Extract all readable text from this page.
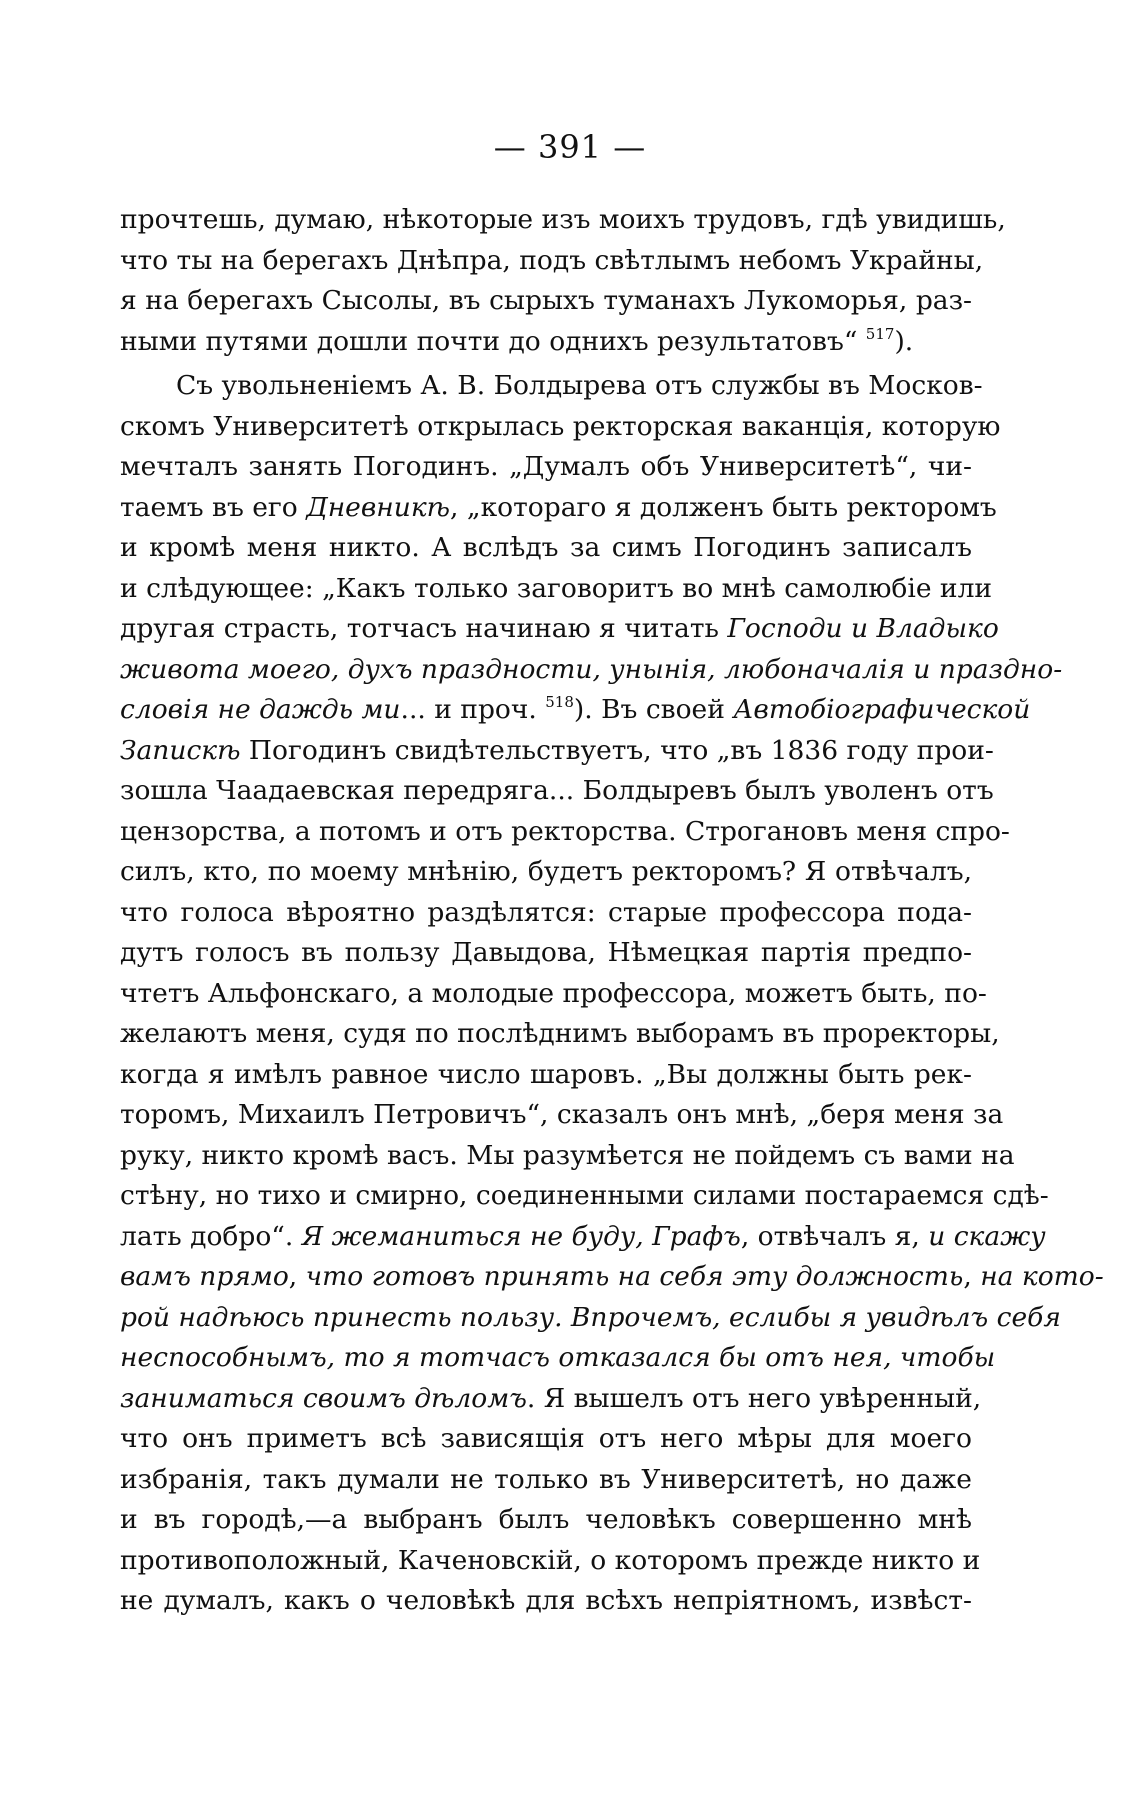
— 391 —
прочтешь, думаю, нѣкоторые изъ моихъ трудовъ, гдѣ увидишь,
что ты на берегахъ Днѣпра, подъ свѣтлымъ небомъ Украйны,
я на берегахъ Сысолы, въ сырыхъ туманахъ Лукоморья, раз-
ными путями дошли почти до однихъ результатовъ“ $^{517}$).
Съ увольненіемъ А. В. Болдырева отъ службы въ Москов-
скомъ Университетѣ открылась ректорская ваканція, которую
мечталъ занять Погодинъ. „Думалъ объ Университетѣ“, чи-
таемъ въ его Дневникѣ, „котораго я долженъ быть ректоромъ
и кромѣ меня никто. А вслѣдъ за симъ Погодинъ записалъ
и слѣдующее: „Какъ только заговоритъ во мнѣ самолюбіе или
другая страсть, тотчасъ начинаю я читать Господи и Владыко
живота моего, духъ праздности, унынія, любоначалія и праздно-
словія не даждь ми... и проч. $^{518}$). Въ своей Автобіографической
Запискѣ Погодинъ свидѣтельствуетъ, что „въ 1836 году прои-
зошла Чаадаевская передряга... Болдыревъ былъ уволенъ отъ
цензорства, а потомъ и отъ ректорства. Строгановъ меня спро-
силъ, кто, по моему мнѣнію, будетъ ректоромъ? Я отвѣчалъ,
что голоса вѣроятно раздѣлятся: старые профессора пода-
дутъ голосъ въ пользу Давыдова, Нѣмецкая партія предпо-
чтетъ Альфонскаго, а молодые профессора, можетъ быть, по-
желаютъ меня, судя по послѣднимъ выборамъ въ проректоры,
когда я имѣлъ равное число шаровъ. „Вы должны быть рек-
торомъ, Михаилъ Петровичъ“, сказалъ онъ мнѣ, „беря меня за
руку, никто кромѣ васъ. Мы разумѣется не пойдемъ съ вами на
стѣну, но тихо и смирно, соединенными силами постараемся сдѣ-
лать добро“. Я жеманиться не буду, Графъ, отвѣчалъ я, и скажу
вамъ прямо, что готовъ принять на себя эту должность, на кото-
рой надѣюсь принесть пользу. Впрочемъ, еслибы я увидѣлъ себя
неспособнымъ, то я тотчасъ отказался бы отъ нея, чтобы
заниматься своимъ дѣломъ. Я вышелъ отъ него увѣренный,
что онъ приметъ всѣ зависящія отъ него мѣры для моего
избранія, такъ думали не только въ Университетѣ, но даже
и въ городѣ,—а выбранъ былъ человѣкъ совершенно мнѣ
противоположный, Каченовскій, о которомъ прежде никто и
не думалъ, какъ о человѣкѣ для всѣхъ непріятномъ, извѣст-
